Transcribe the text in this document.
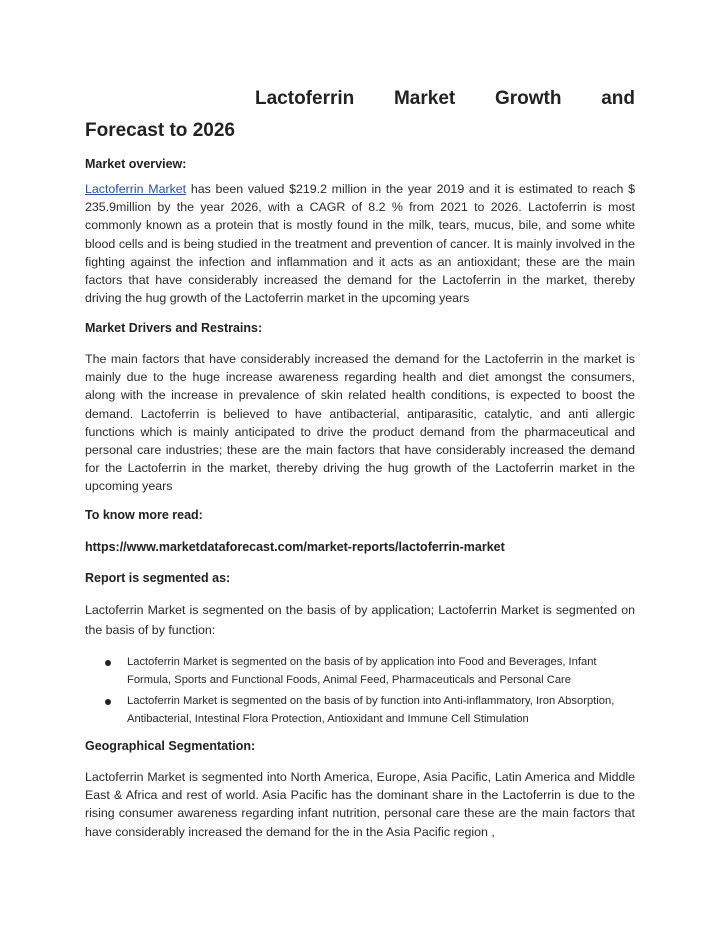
Lactoferrin Market Growth and
Forecast to 2026
Market overview:
Lactoferrin Market has been valued $219.2 million in the year 2019 and it is estimated to reach $ 235.9million by the year 2026, with a CAGR of 8.2 % from 2021 to 2026. Lactoferrin is most commonly known as a protein that is mostly found in the milk, tears, mucus, bile, and some white blood cells and is being studied in the treatment and prevention of cancer. It is mainly involved in the fighting against the infection and inflammation and it acts as an antioxidant; these are the main factors that have considerably increased the demand for the Lactoferrin in the market, thereby driving the hug growth of the Lactoferrin market in the upcoming years
Market Drivers and Restrains:
The main factors that have considerably increased the demand for the Lactoferrin in the market is mainly due to the huge increase awareness regarding health and diet amongst the consumers, along with the increase in prevalence of skin related health conditions, is expected to boost the demand. Lactoferrin is believed to have antibacterial, antiparasitic, catalytic, and anti allergic functions which is mainly anticipated to drive the product demand from the pharmaceutical and personal care industries; these are the main factors that have considerably increased the demand for the Lactoferrin in the market, thereby driving the hug growth of the Lactoferrin market in the upcoming years
To know more read:
https://www.marketdataforecast.com/market-reports/lactoferrin-market
Report is segmented as:
Lactoferrin Market is segmented on the basis of by application; Lactoferrin Market is segmented on the basis of by function:
Lactoferrin Market is segmented on the basis of by application into Food and Beverages, Infant Formula, Sports and Functional Foods, Animal Feed, Pharmaceuticals and Personal Care
Lactoferrin Market is segmented on the basis of by function into Anti-inflammatory, Iron Absorption, Antibacterial, Intestinal Flora Protection, Antioxidant and Immune Cell Stimulation
Geographical Segmentation:
Lactoferrin Market is segmented into North America, Europe, Asia Pacific, Latin America and Middle East & Africa and rest of world. Asia Pacific has the dominant share in the Lactoferrin is due to the rising consumer awareness regarding infant nutrition, personal care these are the main factors that have considerably increased the demand for the in the Asia Pacific region ,
